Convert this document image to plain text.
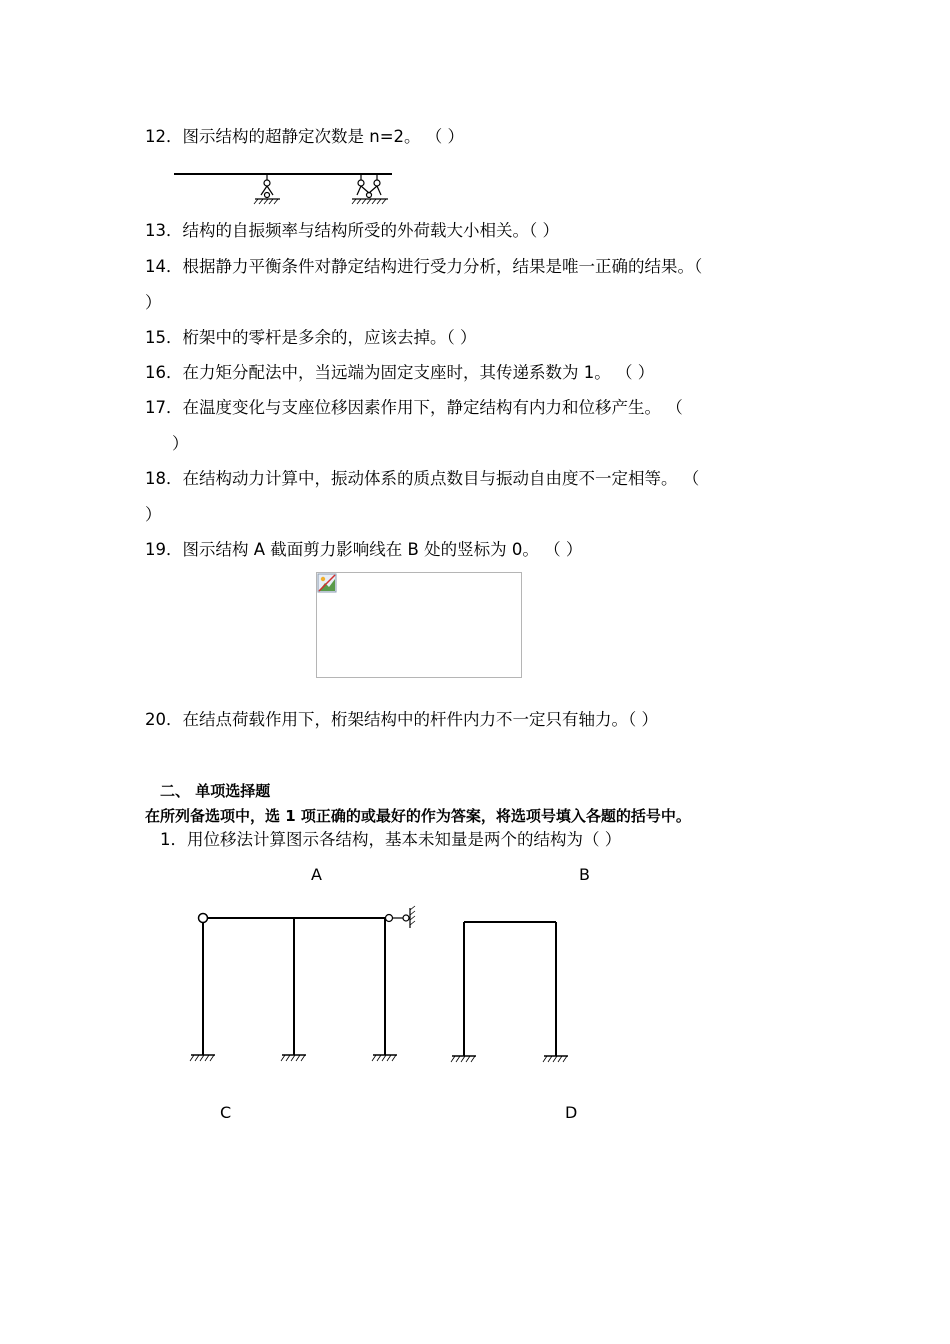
12．图示结构的超静定次数是 n=2。 （ ）
13．结构的自振频率与结构所受的外荷载大小相关。（ ）
14．根据静力平衡条件对静定结构进行受力分析，结果是唯一正确的结果。（
）
15．桁架中的零杆是多余的，应该去掉。（ ）
16．在力矩分配法中，当远端为固定支座时，其传递系数为 1。 （ ）
17．在温度变化与支座位移因素作用下，静定结构有内力和位移产生。 （
）
18．在结构动力计算中，振动体系的质点数目与振动自由度不一定相等。 （
）
19．图示结构 A 截面剪力影响线在 B 处的竖标为 0。 （ ）
20．在结点荷载作用下，桁架结构中的杆件内力不一定只有轴力。（ ）
二、 单项选择题
在所列备选项中，选 1 项正确的或最好的作为答案，将选项号填入各题的括号中。
1．用位移法计算图示各结构，基本未知量是两个的结构为（ ）
A	B
C	D
